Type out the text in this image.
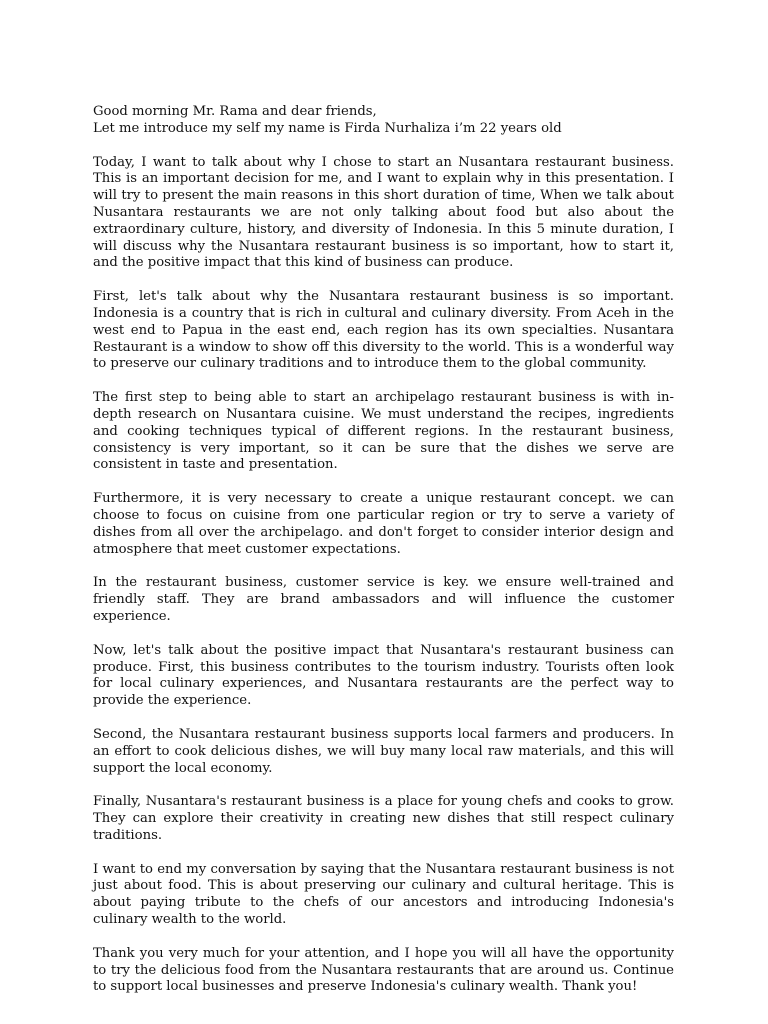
Good morning Mr. Rama and dear friends,

Let me introduce my self my name is Firda Nurhaliza i’m 22 years old

Today, I want to talk about why I chose to start an Nusantara restaurant business. This is an important decision for me, and I want to explain why in this presentation. I will try to present the main reasons in this short duration of time, When we talk about Nusantara restaurants we are not only talking about food but also about the extraordinary culture, history, and diversity of Indonesia. In this 5 minute duration, I will discuss why the Nusantara restaurant business is so important, how to start it, and the positive impact that this kind of business can produce.

First, let's talk about why the Nusantara restaurant business is so important. Indonesia is a country that is rich in cultural and culinary diversity. From Aceh in the west end to Papua in the east end, each region has its own specialties. Nusantara Restaurant is a window to show off this diversity to the world. This is a wonderful way to preserve our culinary traditions and to introduce them to the global community.

The first step to being able to start an archipelago restaurant business is with in-depth research on Nusantara cuisine. We must understand the recipes, ingredients and cooking techniques typical of different regions. In the restaurant business, consistency is very important, so it can be sure that the dishes we serve are consistent in taste and presentation.

Furthermore, it is very necessary to create a unique restaurant concept. we can choose to focus on cuisine from one particular region or try to serve a variety of dishes from all over the archipelago. and don't forget to consider interior design and atmosphere that meet customer expectations.

In the restaurant business, customer service is key. we ensure well-trained and friendly staff. They are brand ambassadors and will influence the customer experience.

Now, let's talk about the positive impact that Nusantara's restaurant business can produce. First, this business contributes to the tourism industry. Tourists often look for local culinary experiences, and Nusantara restaurants are the perfect way to provide the experience.

Second, the Nusantara restaurant business supports local farmers and producers. In an effort to cook delicious dishes, we will buy many local raw materials, and this will support the local economy.

Finally, Nusantara's restaurant business is a place for young chefs and cooks to grow. They can explore their creativity in creating new dishes that still respect culinary traditions.

I want to end my conversation by saying that the Nusantara restaurant business is not just about food. This is about preserving our culinary and cultural heritage. This is about paying tribute to the chefs of our ancestors and introducing Indonesia's culinary wealth to the world.

Thank you very much for your attention, and I hope you will all have the opportunity to try the delicious food from the Nusantara restaurants that are around us. Continue to support local businesses and preserve Indonesia's culinary wealth. Thank you!
